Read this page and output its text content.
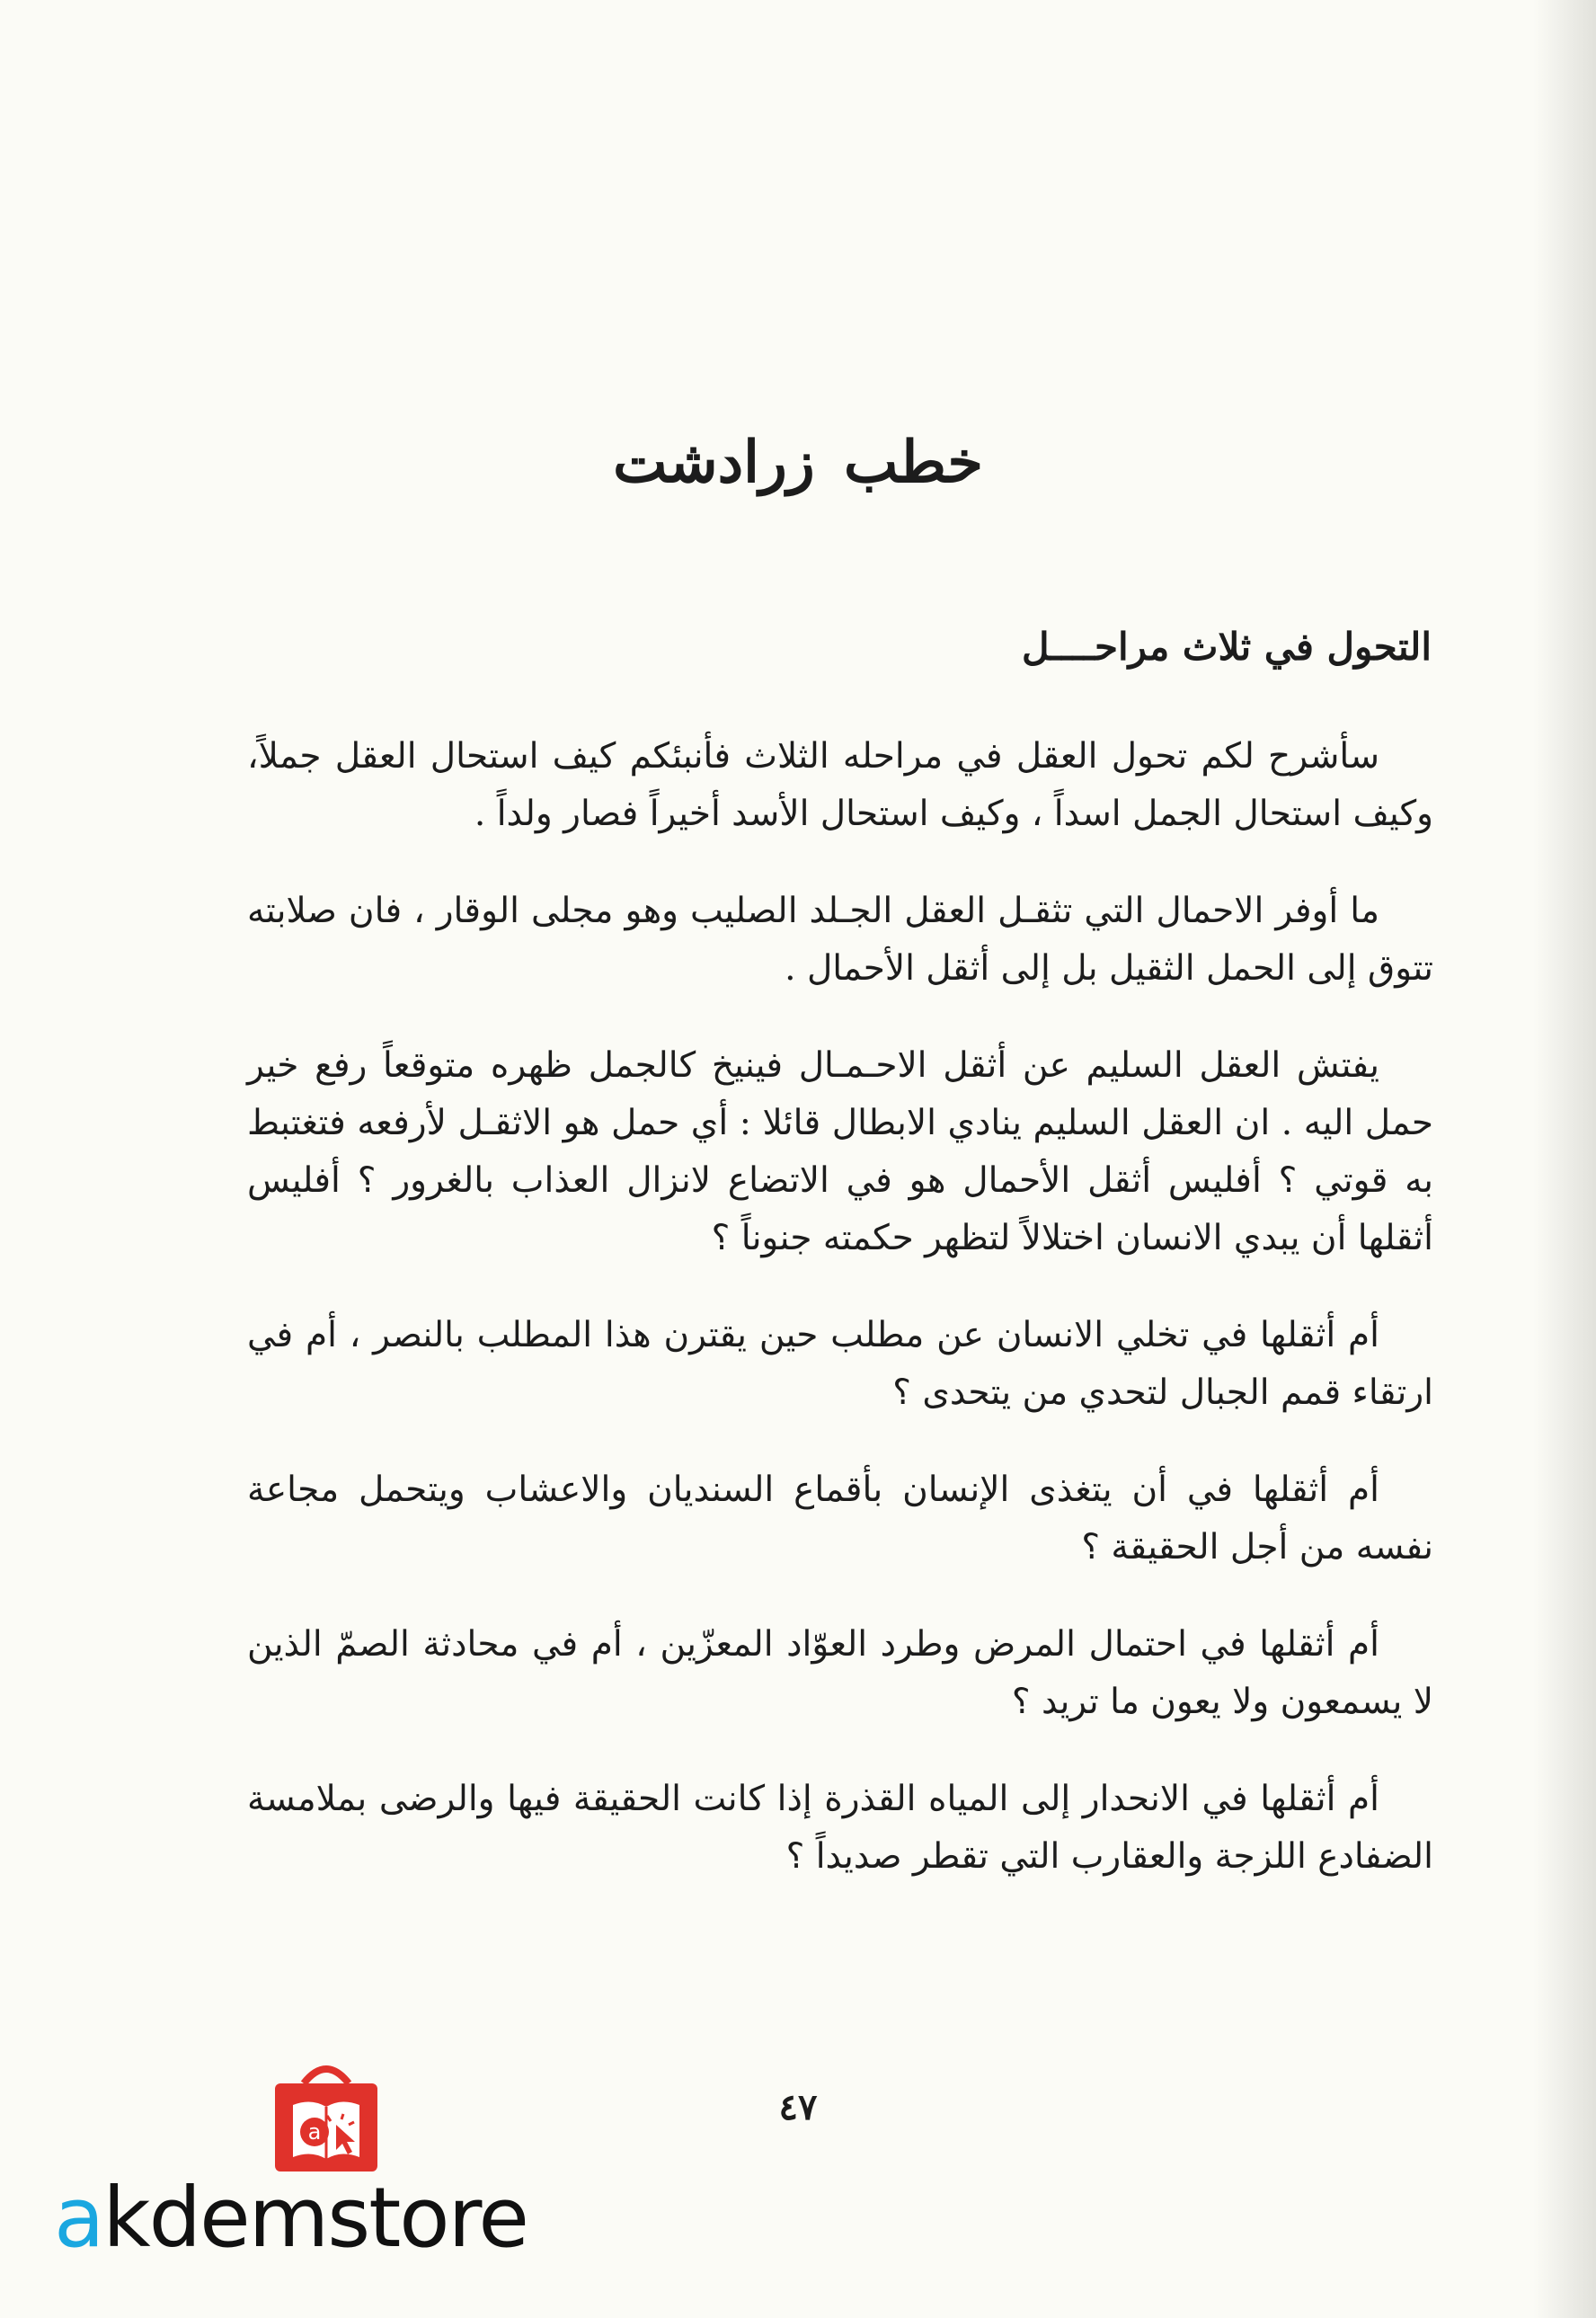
خطب زرادشت
التحول في ثلاث مراحــــل

سأشرح لكم تحول العقل في مراحله الثلاث فأنبئكم كيف استحال العقل جملاً، وكيف استحال الجمل اسداً ، وكيف استحال الأسد أخيراً فصار ولداً .

ما أوفر الاحمال التي تثقـل العقل الجـلد الصليب وهو مجلى الوقار ، فان صلابته تتوق إلى الحمل الثقيل بل إلى أثقل الأحمال .

يفتش العقل السليم عن أثقل الاحـمـال فينيخ كالجمل ظهره متوقعاً رفع خير حمل اليه . ان العقل السليم ينادي الابطال قائلا : أي حمل هو الاثقـل لأرفعه فتغتبط به قوتي ؟ أفليس أثقل الأحمال هو في الاتضاع لانزال العذاب بالغرور ؟ أفليس أثقلها أن يبدي الانسان اختلالاً لتظهر حكمته جنوناً ؟

أم أثقلها في تخلي الانسان عن مطلب حين يقترن هذا المطلب بالنصر ، أم في ارتقاء قمم الجبال لتحدي من يتحدى ؟

أم أثقلها في أن يتغذى الإنسان بأقماع السنديان والاعشاب ويتحمل مجاعة نفسه من أجل الحقيقة ؟

أم أثقلها في احتمال المرض وطرد العوّاد المعزّين ، أم في محادثة الصمّ الذين لا يسمعون ولا يعون ما تريد ؟

أم أثقلها في الانحدار إلى المياه القذرة إذا كانت الحقيقة فيها والرضى بملامسة الضفادع اللزجة والعقارب التي تقطر صديداً ؟

٤٧
a
akdemstore
